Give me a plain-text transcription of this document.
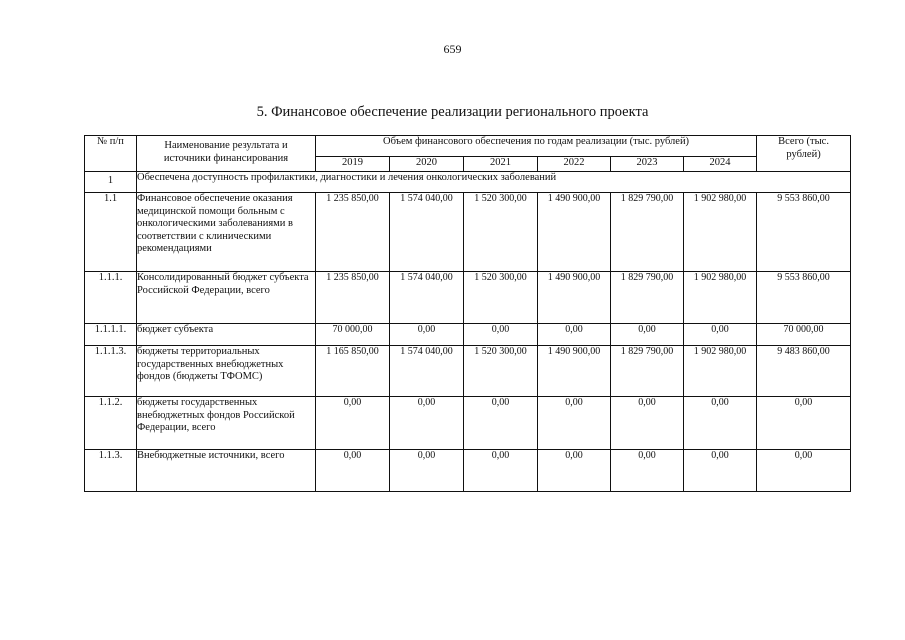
659
5. Финансовое обеспечение реализации регионального проекта
№ п/п	Наименование результата и источники финансирования	Объем финансового обеспечения по годам реализации (тыс. рублей)						Всего (тыс. рублей)
		2019	2020	2021	2022	2023	2024	
1	Обеспечена доступность профилактики, диагностики и лечения онкологических заболеваний							
1.1	Финансовое обеспечение оказания медицинской помощи больным с онкологическими заболеваниями в соответствии с клиническими рекомендациями	1 235 850,00	1 574 040,00	1 520 300,00	1 490 900,00	1 829 790,00	1 902 980,00	9 553 860,00
1.1.1.	Консолидированный бюджет субъекта Российской Федерации, всего	1 235 850,00	1 574 040,00	1 520 300,00	1 490 900,00	1 829 790,00	1 902 980,00	9 553 860,00
1.1.1.1.	бюджет субъекта	70 000,00	0,00	0,00	0,00	0,00	0,00	70 000,00
1.1.1.3.	бюджеты территориальных государственных внебюджетных фондов (бюджеты ТФОМС)	1 165 850,00	1 574 040,00	1 520 300,00	1 490 900,00	1 829 790,00	1 902 980,00	9 483 860,00
1.1.2.	бюджеты государственных внебюджетных фондов Российской Федерации, всего	0,00	0,00	0,00	0,00	0,00	0,00	0,00
1.1.3.	Внебюджетные источники, всего	0,00	0,00	0,00	0,00	0,00	0,00	0,00
